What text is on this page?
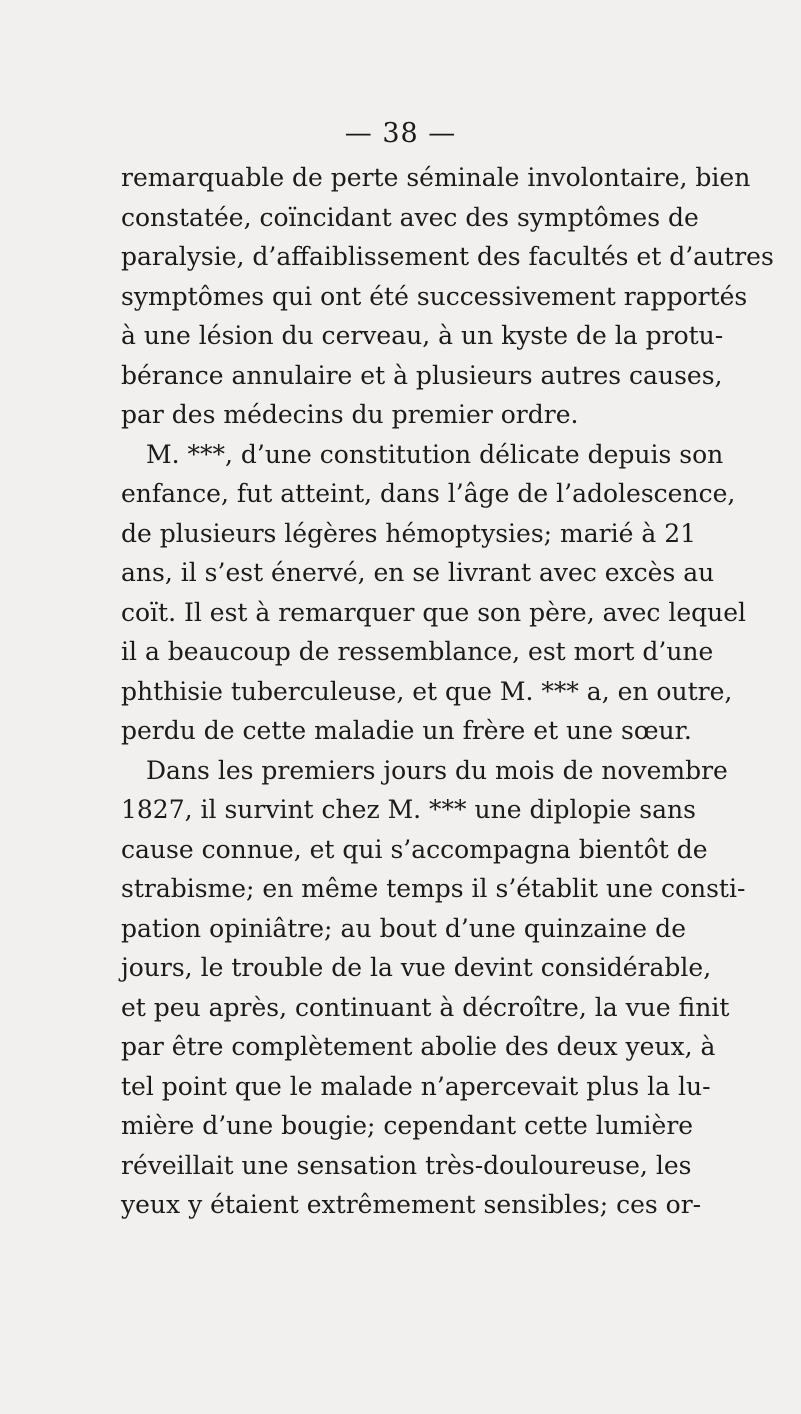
— 38 —
remarquable de perte séminale involontaire, bien
constatée, coïncidant avec des symptômes de
paralysie, d’affaiblissement des facultés et d’autres
symptômes qui ont été successivement rapportés
à une lésion du cerveau, à un kyste de la protu-
bérance annulaire et à plusieurs autres causes,
par des médecins du premier ordre.
M. ***, d’une constitution délicate depuis son
enfance, fut atteint, dans l’âge de l’adolescence,
de plusieurs légères hémoptysies; marié à 21
ans, il s’est énervé, en se livrant avec excès au
coït. Il est à remarquer que son père, avec lequel
il a beaucoup de ressemblance, est mort d’une
phthisie tuberculeuse, et que M. *** a, en outre,
perdu de cette maladie un frère et une sœur.
Dans les premiers jours du mois de novembre
1827, il survint chez M. *** une diplopie sans
cause connue, et qui s’accompagna bientôt de
strabisme; en même temps il s’établit une consti-
pation opiniâtre; au bout d’une quinzaine de
jours, le trouble de la vue devint considérable,
et peu après, continuant à décroître, la vue finit
par être complètement abolie des deux yeux, à
tel point que le malade n’apercevait plus la lu-
mière d’une bougie; cependant cette lumière
réveillait une sensation très-douloureuse, les
yeux y étaient extrêmement sensibles; ces or-
